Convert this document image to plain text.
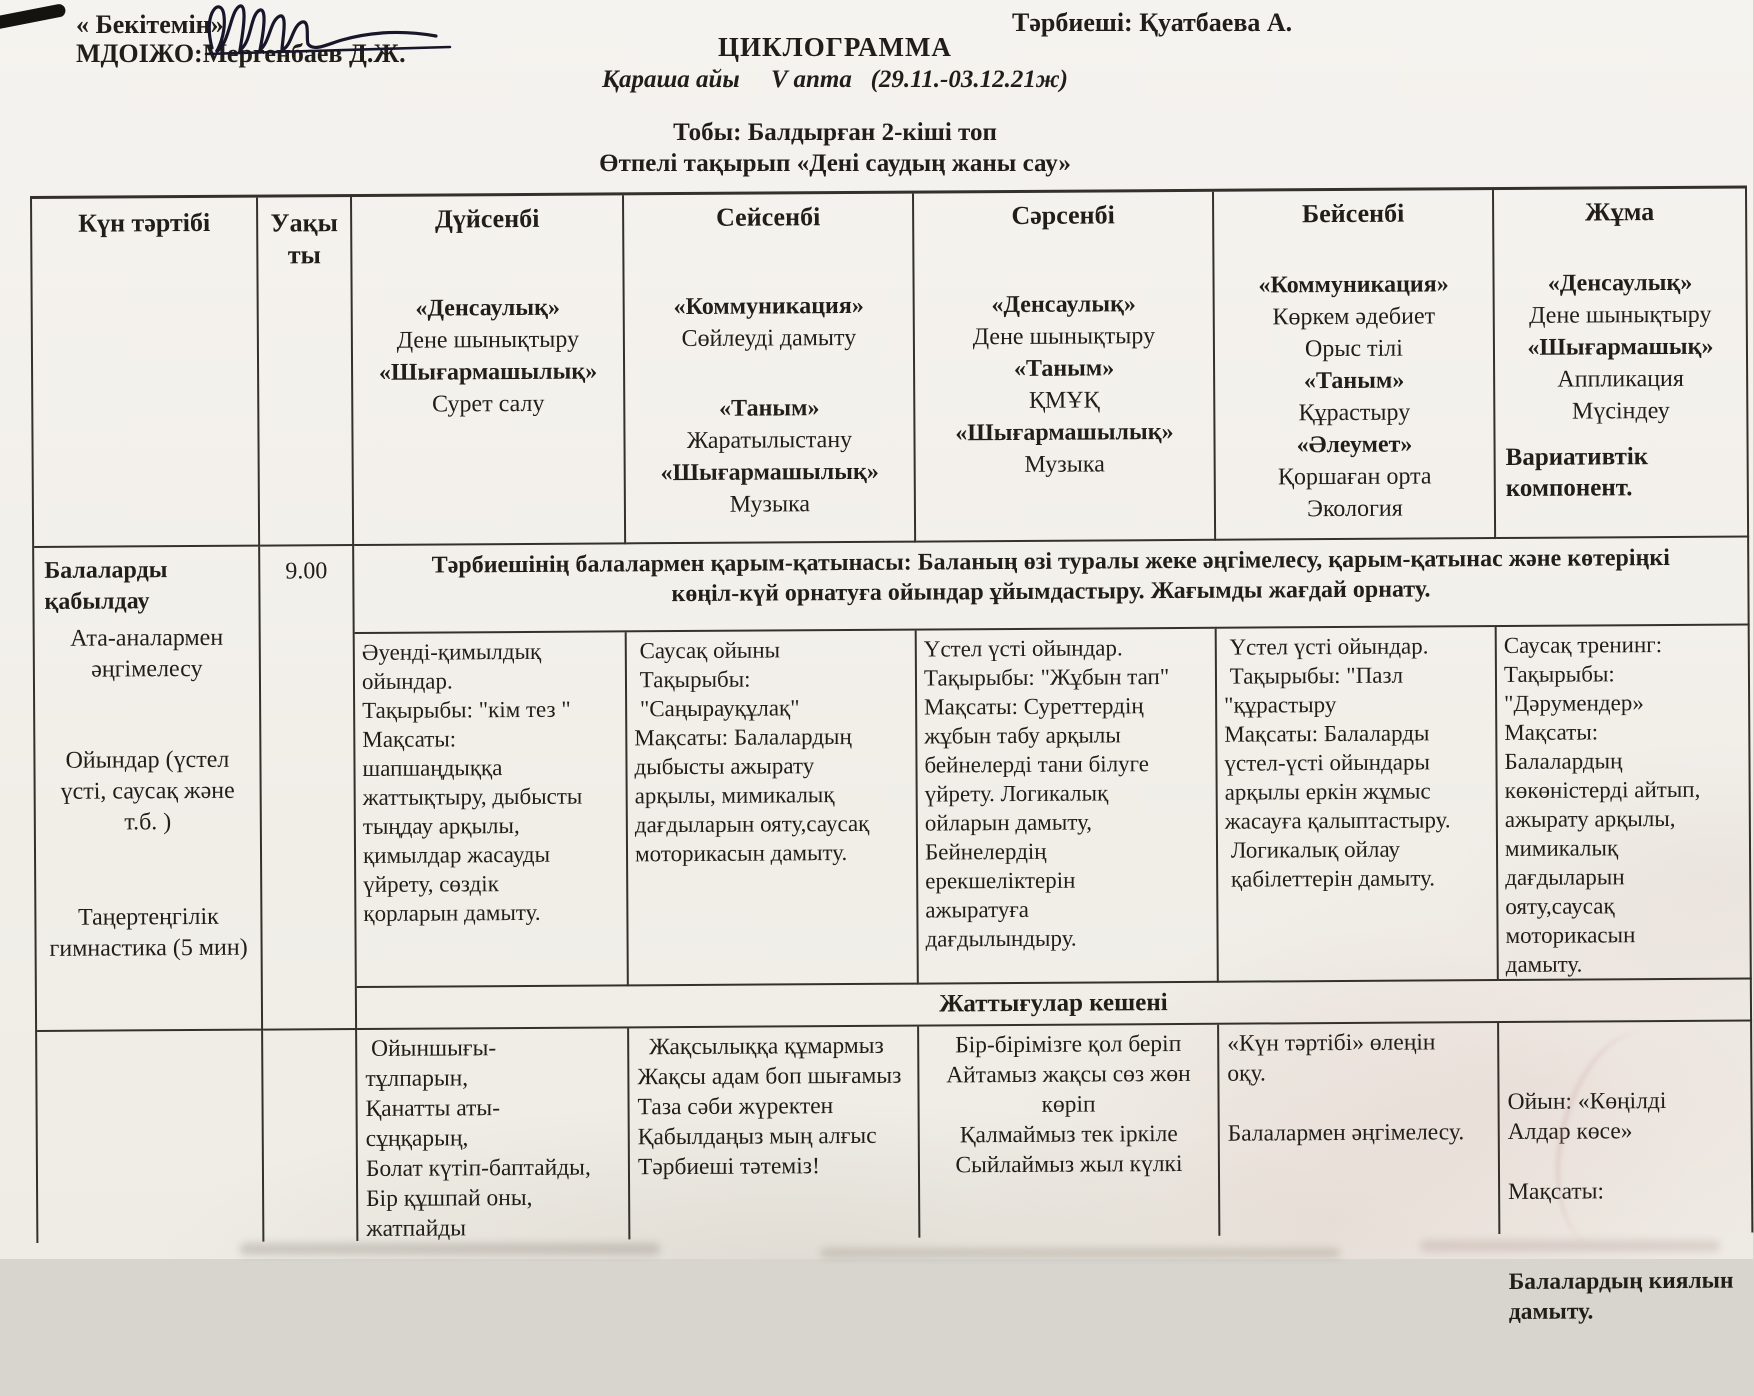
« Бекітемін»
МДОІЖО:Мергенбаев Д.Ж.
Тәрбиеші: Қуатбаева А.
ЦИКЛОГРАММА
Қараша айы     V апта   (29.11.-03.12.21ж)
Тобы: Балдырған 2-кіші топ
Өтпелі тақырып «Дені саудың жаны сау»
Күн тәртібі	Уақыты
Дүйсенбі
«Денсаулық»
Дене шынықтыру
«Шығармашылық»
Сурет салу
Сейсенбі
«Коммуникация»
Сөйлеуді дамыту
«Таным»
Жаратылыстану
«Шығармашылық»
Музыка
Сәрсенбі
«Денсаулық»
Дене шынықтыру
«Таным»
ҚМҰҚ
«Шығармашылық»
Музыка
Бейсенбі
«Коммуникация»
Көркем әдебиет
Орыс тілі
«Таным»
Құрастыру
«Әлеумет»
Қоршаған орта
Экология
Жұма
«Денсаулық»
Дене шынықтыру
«Шығармашық»
Аппликация
Мүсіндеу
Вариативтік компонент.
Балаларды қабылдау
Ата-аналармен әңгімелесу
Ойындар (үстел үсті, саусақ және т.б. )
Таңертеңгілік гимнастика (5 мин)
9.00	Тәрбиешінің балалармен қарым-қатынасы: Баланың өзі туралы жеке әңгімелесу, қарым-қатынас және көтеріңкі
көңіл-күй орнатуға ойындар ұйымдастыру. Жағымды жағдай орнату.
Әуенді-қимылдық
ойындар.
Тақырыбы: "кім тез "
Мақсаты:
шапшаңдыққа
жаттықтыру, дыбысты
тыңдау арқылы,
қимылдар жасауды
үйрету, сөздік
қорларын дамыту.
Саусақ ойыны
Тақырыбы:
"Саңырауқұлақ"
Мақсаты: Балалардың
дыбысты ажырату
арқылы, мимикалық
дағдыларын ояту,саусақ
моторикасын дамыту.
Үстел үсті ойындар.
Тақырыбы: "Жұбын тап"
Мақсаты: Суреттердің
жұбын табу арқылы
бейнелерді тани білуге
үйрету. Логикалық
ойларын дамыту,
Бейнелердің
ерекшеліктерін
ажыратуға
дағдылындыру.
Үстел үсті ойындар.
Тақырыбы: "Пазл
"құрастыру
Мақсаты: Балаларды
үстел-үсті ойындары
арқылы еркін жұмыс
жасауға қалыптастыру.
Логикалық ойлау
қабілеттерін дамыту.
Саусақ тренинг:
Тақырыбы:
"Дәрумендер»
Мақсаты:
Балалардың
көкөністерді айтып,
ажырату арқылы,
мимикалық
дағдыларын
ояту,саусақ
моторикасын
дамыту.
Жаттығулар кешені
Ойыншығы-
тұлпарын,
Қанатты аты-
сұңқарың,
Болат күтіп-баптайды,
Бір құшпай оны,
жатпайды
Жақсылыққа құмармыз
Жақсы адам боп шығамыз
Таза сәби жүректен
Қабылдаңыз мың алғыс
Тәрбиеші тәтеміз!
Бір-бірімізге қол беріп
Айтамыз жақсы сөз жөн
көріп
Қалмаймыз тек іркіле
Сыйлаймыз жыл күлкі
«Күн тәртібі» өлеңін
оқу.

Балалармен әңгімелесу.

Ойын: «Көңілді
Алдар көсе»

Мақсаты:

Балалардың киялын
дамыту.
